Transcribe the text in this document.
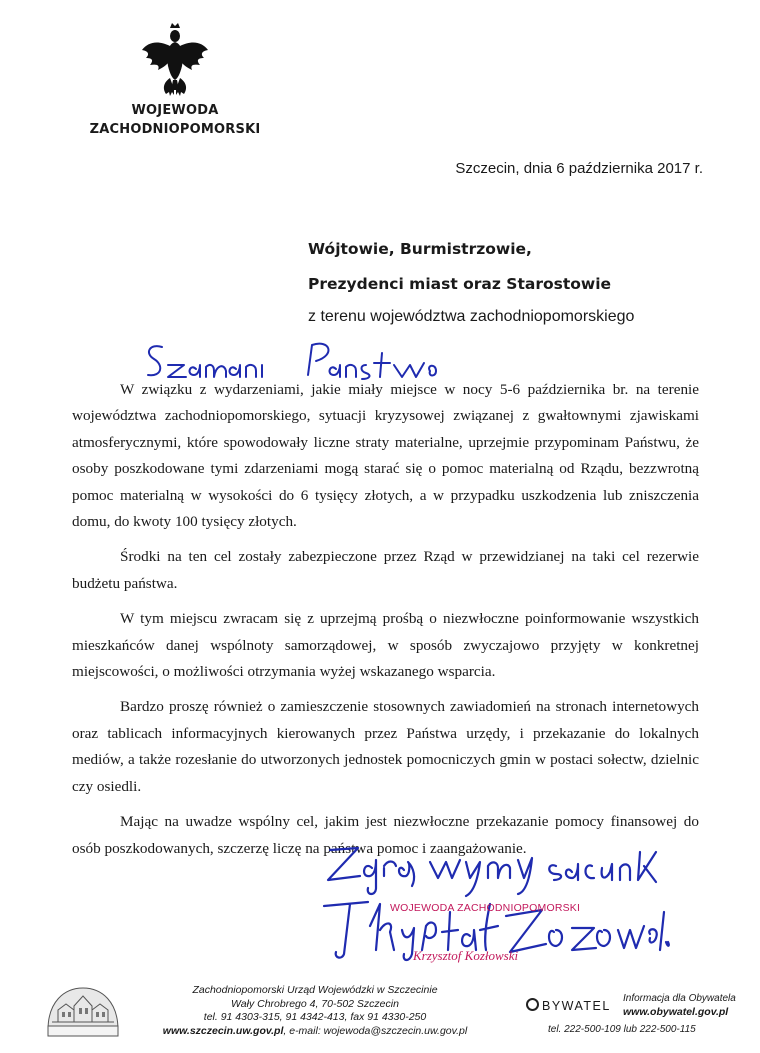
WOJEWODA
ZACHODNIOPOMORSKI
Szczecin, dnia 6 października 2017 r.
Wójtowie, Burmistrzowie,
Prezydenci miast oraz Starostowie
z terenu województwa zachodniopomorskiego

W związku z wydarzeniami, jakie miały miejsce w nocy 5-6 października br. na terenie województwa zachodniopomorskiego, sytuacji kryzysowej związanej z gwałtownymi zjawiskami atmosferycznymi, które spowodowały liczne straty materialne, uprzejmie przypominam Państwu, że osoby poszkodowane tymi zdarzeniami mogą starać się o pomoc materialną od Rządu, bezzwrotną pomoc materialną w wysokości do 6 tysięcy złotych, a w przypadku uszkodzenia lub zniszczenia domu, do kwoty 100 tysięcy złotych.

Środki na ten cel zostały zabezpieczone przez Rząd w przewidzianej na taki cel rezerwie budżetu państwa.

W tym miejscu zwracam się z uprzejmą prośbą o niezwłoczne poinformowanie wszystkich mieszkańców danej wspólnoty samorządowej, w sposób zwyczajowo przyjęty w konkretnej miejscowości, o możliwości otrzymania wyżej wskazanego wsparcia.

Bardzo proszę również o zamieszczenie stosownych zawiadomień na stronach internetowych oraz tablicach informacyjnych kierowanych przez Państwa urzędy, i przekazanie do lokalnych mediów, a także rozesłanie do utworzonych jednostek pomocniczych gmin w postaci sołectw, dzielnic czy osiedli.

Mając na uwadze wspólny cel, jakim jest niezwłoczne przekazanie pomocy finansowej do osób poszkodowanych, szczerzę liczę na państwa pomoc i zaangażowanie.

WOJEWODA ZACHODNIOPOMORSKI
Krzysztof Kozłowski
Zachodniopomorski Urząd Wojewódzki w Szczecinie
Wały Chrobrego 4, 70-502 Szczecin
tel. 91 4303-315, 91 4342-413, fax 91 4330-250
www.szczecin.uw.gov.pl, e-mail: wojewoda@szczecin.uw.gov.pl
BYWATEL
Informacja dla Obywatela
www.obywatel.gov.pl
tel. 222-500-109 lub 222-500-115
